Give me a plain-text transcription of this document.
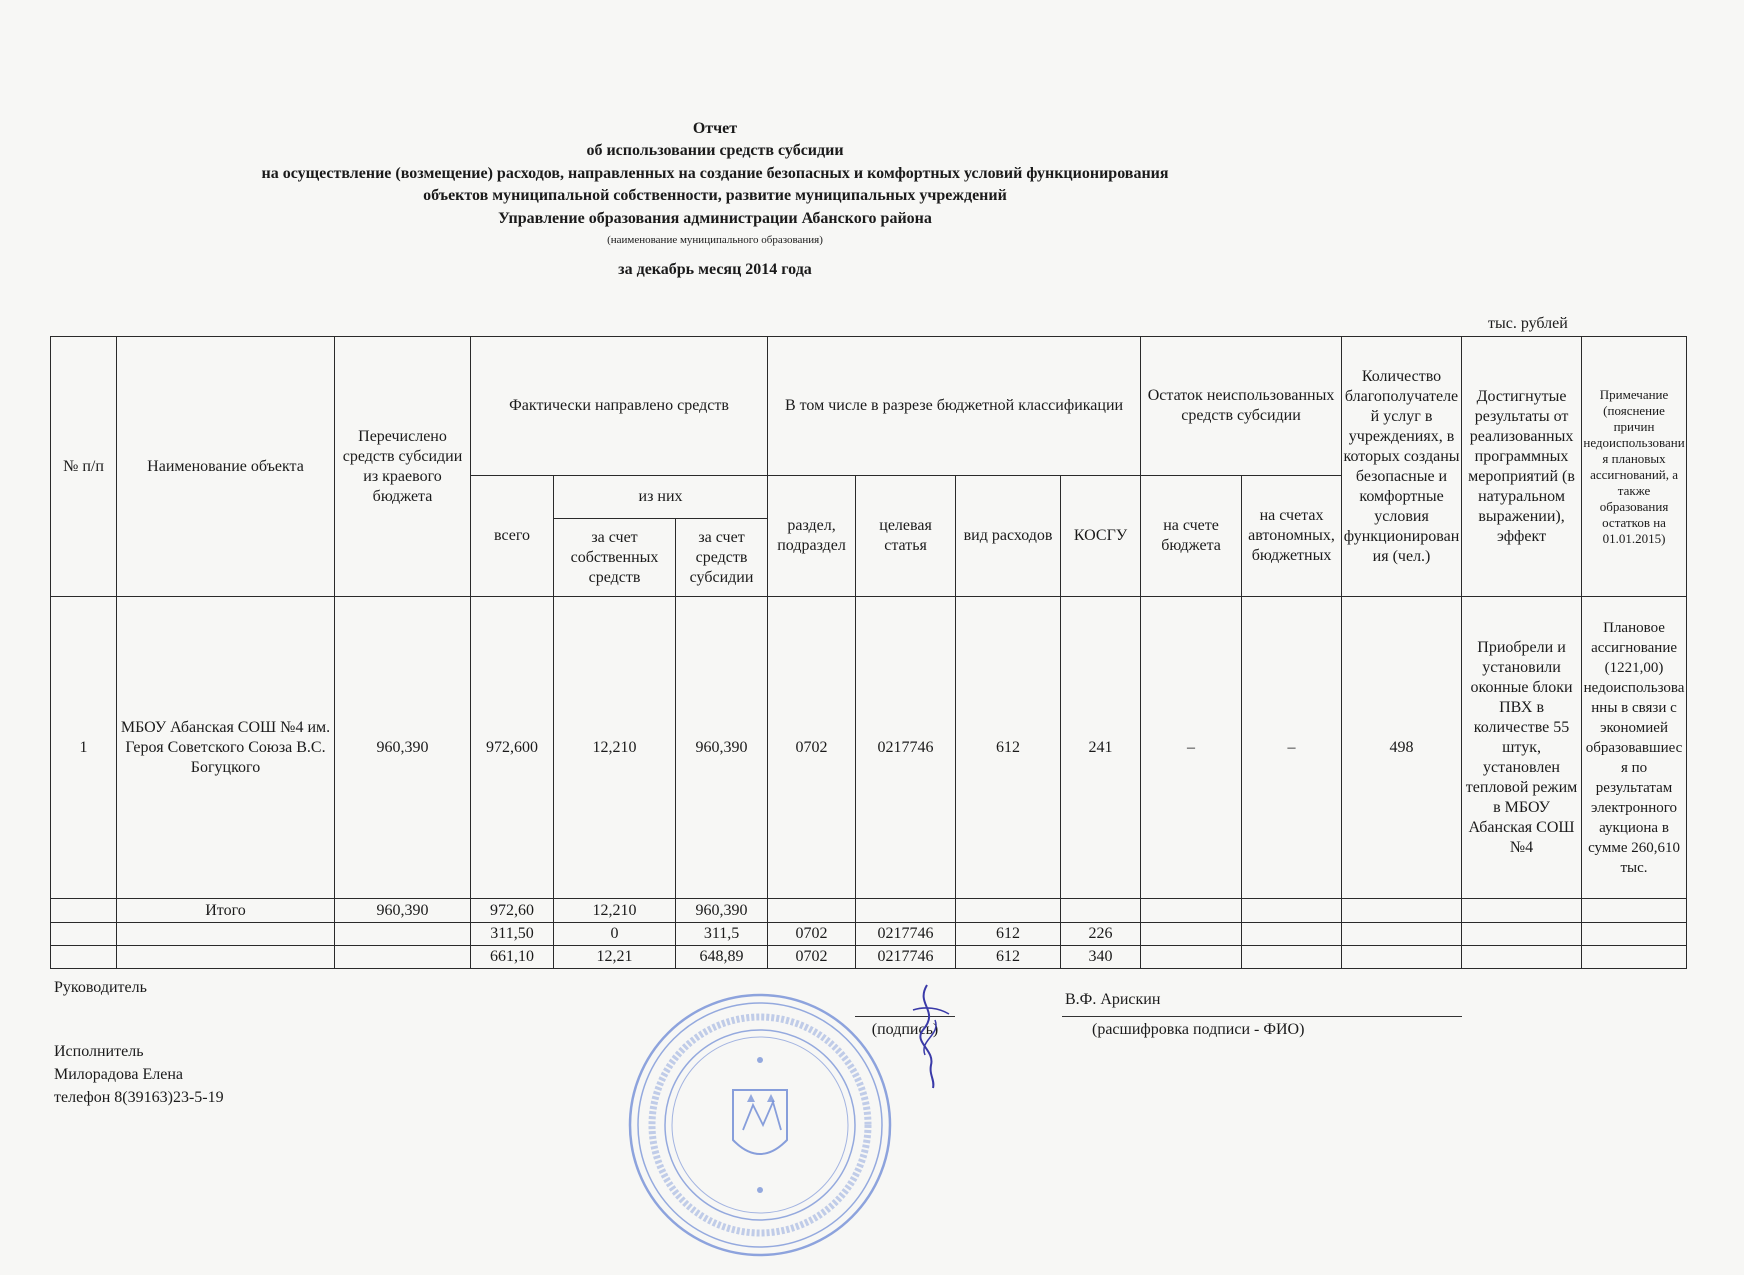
Отчет
об использовании средств субсидии
на осуществление (возмещение) расходов, направленных на создание безопасных и комфортных условий функционирования
объектов муниципальной собственности, развитие муниципальных учреждений
Управление образования администрации Абанского района
(наименование муниципального образования)
за декабрь месяц 2014 года
тыс. рублей
№ п/п	Наименование объекта	Перечислено средств субсидии из краевого бюджета	Фактически направлено средств			В том числе в разрезе бюджетной классификации				Остаток неиспользованных средств субсидии		Количество благополучателей услуг в учреждениях, в которых созданы безопасные и комфортные условия функционирования (чел.)	Достигнутые результаты от реализованных программных мероприятий (в натуральном выражении), эффект	Примечание (пояснение причин недоиспользования плановых ассигнований, а также образования остатков на 01.01.2015)
			всего	из них		раздел, подраздел	целевая статья	вид расходов	КОСГУ	на счете бюджета	на счетах автономных, бюджетных			
				за счет собственных средств	за счет средств субсидии									
1	МБОУ Абанская СОШ №4 им. Героя Советского Союза В.С. Богуцкого	960,390	972,600	12,210	960,390	0702	0217746	612	241	–	–	498	Приобрели и установили оконные блоки ПВХ в количестве 55 штук, установлен тепловой режим в МБОУ Абанская СОШ №4	Плановое ассигнование (1221,00) недоиспользованны в связи с экономией образовавшиеся по результатам электронного аукциона в сумме 260,610 тыс.
	Итого	960,390	972,60	12,210	960,390									
			311,50	0	311,5	0702	0217746	612	226					
			661,10	12,21	648,89	0702	0217746	612	340					
Руководитель
(подпись)
В.Ф. Арискин
(расшифровка подписи - ФИО)
Исполнитель
Милорадова Елена
телефон 8(39163)23-5-19
